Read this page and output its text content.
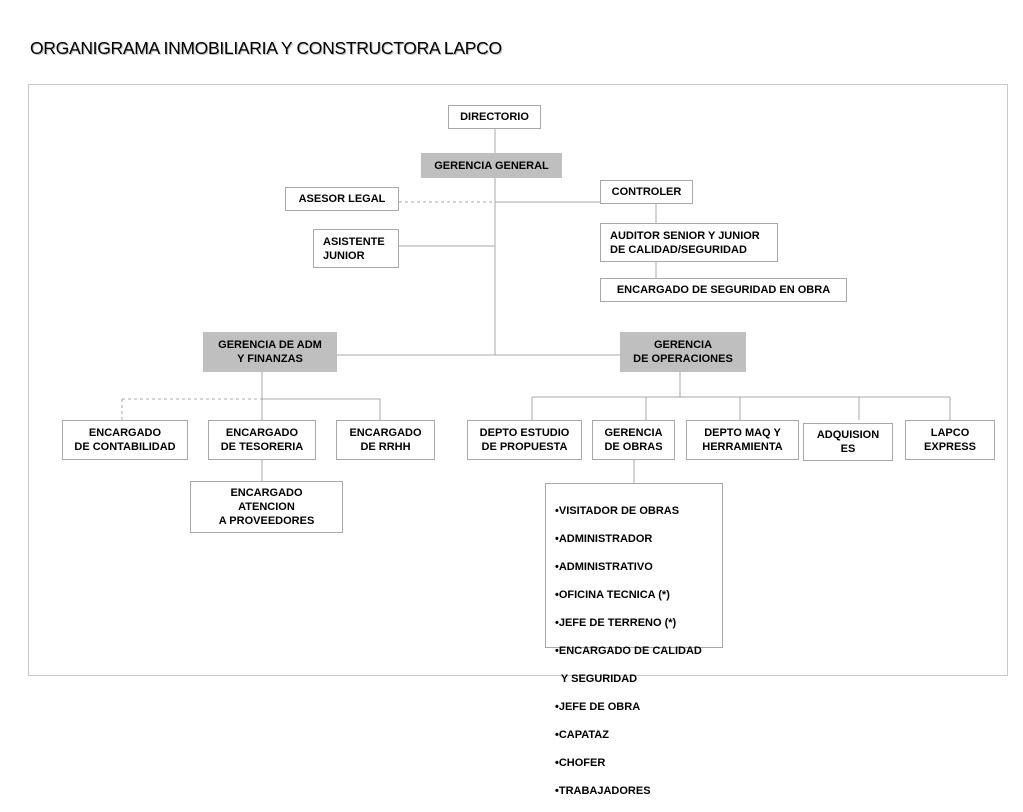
ORGANIGRAMA INMOBILIARIA Y CONSTRUCTORA LAPCO
DIRECTORIO
GERENCIA GENERAL
ASESOR LEGAL
CONTROLER
ASISTENTE
JUNIOR
AUDITOR SENIOR Y JUNIOR
DE CALIDAD/SEGURIDAD
ENCARGADO DE SEGURIDAD EN OBRA
GERENCIA DE ADM
Y FINANZAS
GERENCIA
DE OPERACIONES
ENCARGADO
DE CONTABILIDAD
ENCARGADO
DE TESORERIA
ENCARGADO
DE RRHH
ENCARGADO
ATENCION
A PROVEEDORES
DEPTO ESTUDIO
DE PROPUESTA
GERENCIA
DE OBRAS
DEPTO MAQ Y
HERRAMIENTA
ADQUISION
ES
LAPCO
EXPRESS

•VISITADOR DE OBRAS

•ADMINISTRADOR

•ADMINISTRATIVO

•OFICINA TECNICA (*)

•JEFE DE TERRENO (*)

•ENCARGADO DE CALIDAD

Y SEGURIDAD

•JEFE DE OBRA

•CAPATAZ

•CHOFER

•TRABAJADORES
